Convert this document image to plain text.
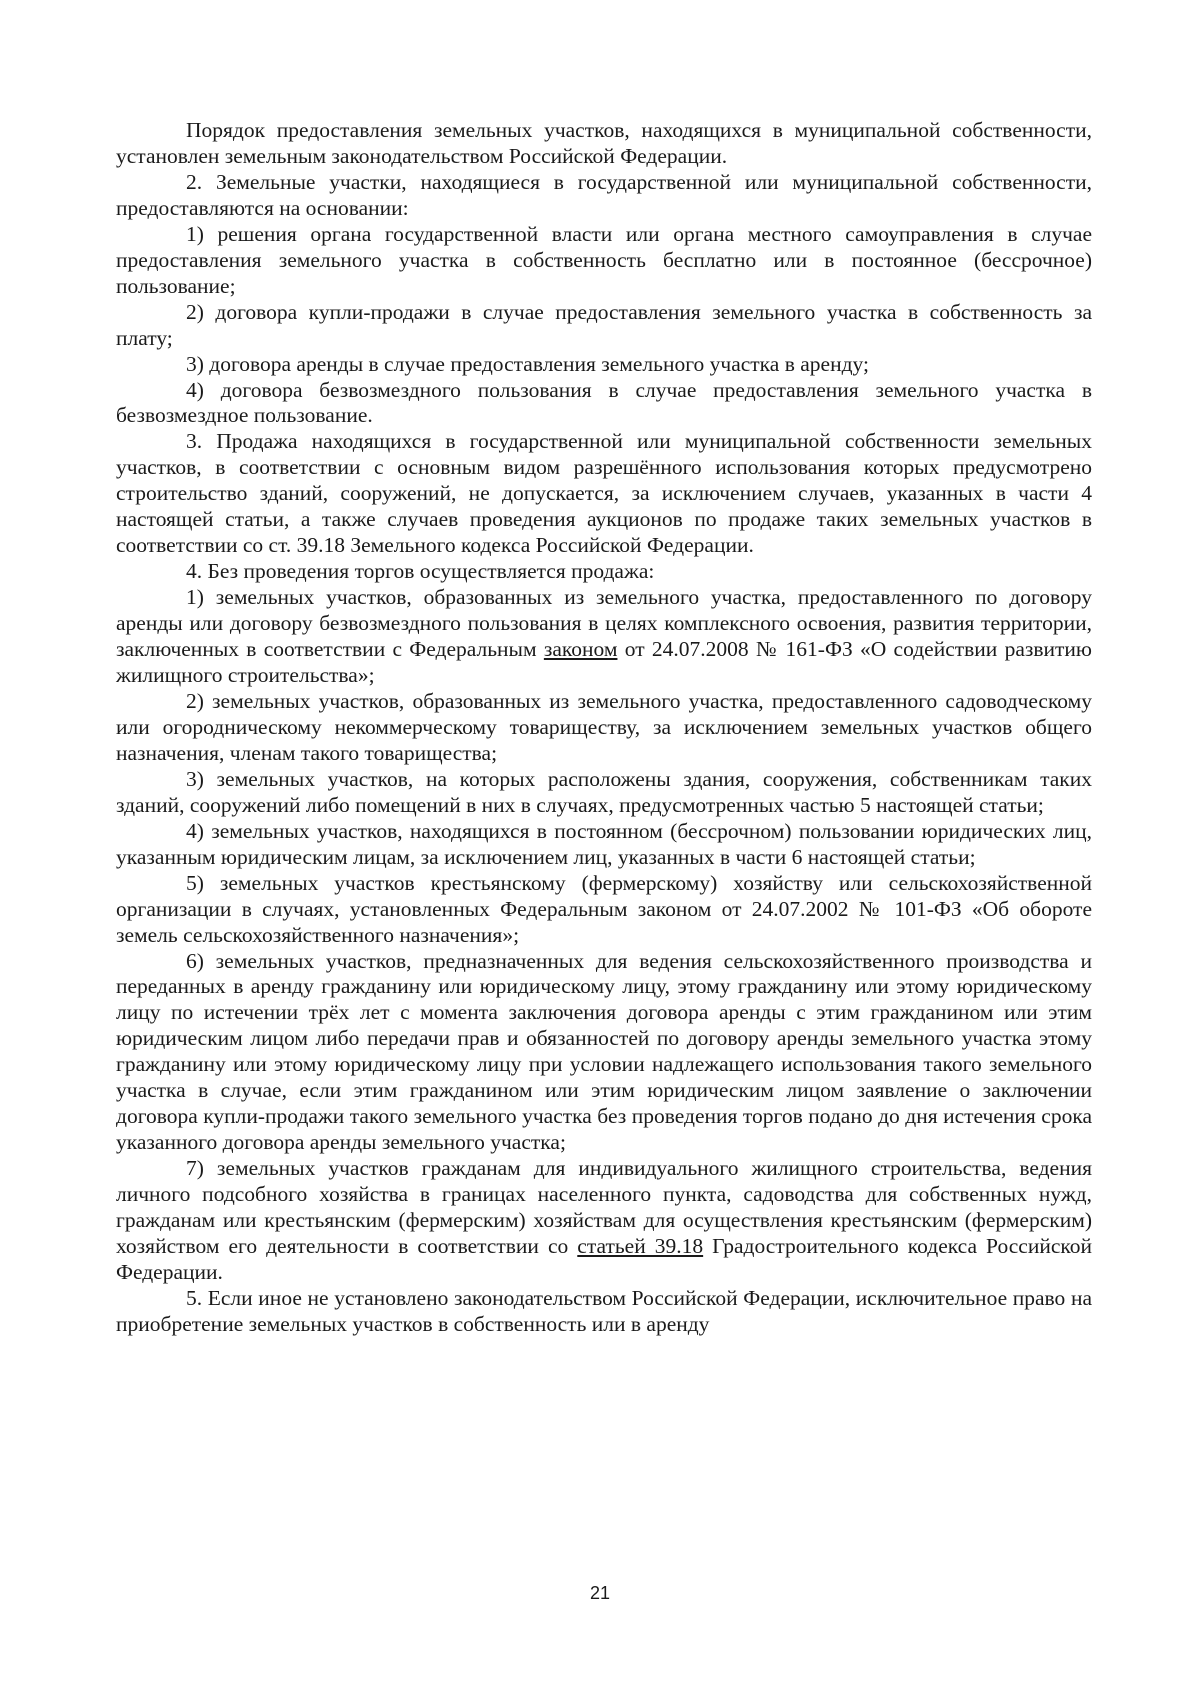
Порядок предоставления земельных участков, находящихся в муниципальной собственности, установлен земельным законодательством Российской Федерации.

2. Земельные участки, находящиеся в государственной или муниципальной собственности, предоставляются на основании:

1) решения органа государственной власти или органа местного самоуправления в случае предоставления земельного участка в собственность бесплатно или в постоянное (бессрочное) пользование;

2) договора купли-продажи в случае предоставления земельного участка в собственность за плату;

3) договора аренды в случае предоставления земельного участка в аренду;

4) договора безвозмездного пользования в случае предоставления земельного участка в безвозмездное пользование.

3. Продажа находящихся в государственной или муниципальной собственности земельных участков, в соответствии с основным видом разрешённого использования которых предусмотрено строительство зданий, сооружений, не допускается, за исключением случаев, указанных в части 4 настоящей статьи, а также случаев проведения аукционов по продаже таких земельных участков в соответствии со ст. 39.18 Земельного кодекса Российской Федерации.

4. Без проведения торгов осуществляется продажа:

1) земельных участков, образованных из земельного участка, предоставленного по договору аренды или договору безвозмездного пользования в целях комплексного освоения, развития территории, заключенных в соответствии с Федеральным законом от 24.07.2008 № 161-ФЗ «О содействии развитию жилищного строительства»;

2) земельных участков, образованных из земельного участка, предоставленного садоводческому или огородническому некоммерческому товариществу, за исключением земельных участков общего назначения, членам такого товарищества;

3) земельных участков, на которых расположены здания, сооружения, собственникам таких зданий, сооружений либо помещений в них в случаях, предусмотренных частью 5 настоящей статьи;

4) земельных участков, находящихся в постоянном (бессрочном) пользовании юридических лиц, указанным юридическим лицам, за исключением лиц, указанных в части 6 настоящей статьи;

5) земельных участков крестьянскому (фермерскому) хозяйству или сельскохозяйственной организации в случаях, установленных Федеральным законом от 24.07.2002 № 101-ФЗ «Об обороте земель сельскохозяйственного назначения»;

6) земельных участков, предназначенных для ведения сельскохозяйственного производства и переданных в аренду гражданину или юридическому лицу, этому гражданину или этому юридическому лицу по истечении трёх лет с момента заключения договора аренды с этим гражданином или этим юридическим лицом либо передачи прав и обязанностей по договору аренды земельного участка этому гражданину или этому юридическому лицу при условии надлежащего использования такого земельного участка в случае, если этим гражданином или этим юридическим лицом заявление о заключении договора купли-продажи такого земельного участка без проведения торгов подано до дня истечения срока указанного договора аренды земельного участка;

7) земельных участков гражданам для индивидуального жилищного строительства, ведения личного подсобного хозяйства в границах населенного пункта, садоводства для собственных нужд, гражданам или крестьянским (фермерским) хозяйствам для осуществления крестьянским (фермерским) хозяйством его деятельности в соответствии со статьей 39.18 Градостроительного кодекса Российской Федерации.

5. Если иное не установлено законодательством Российской Федерации, исключительное право на приобретение земельных участков в собственность или в аренду

21
